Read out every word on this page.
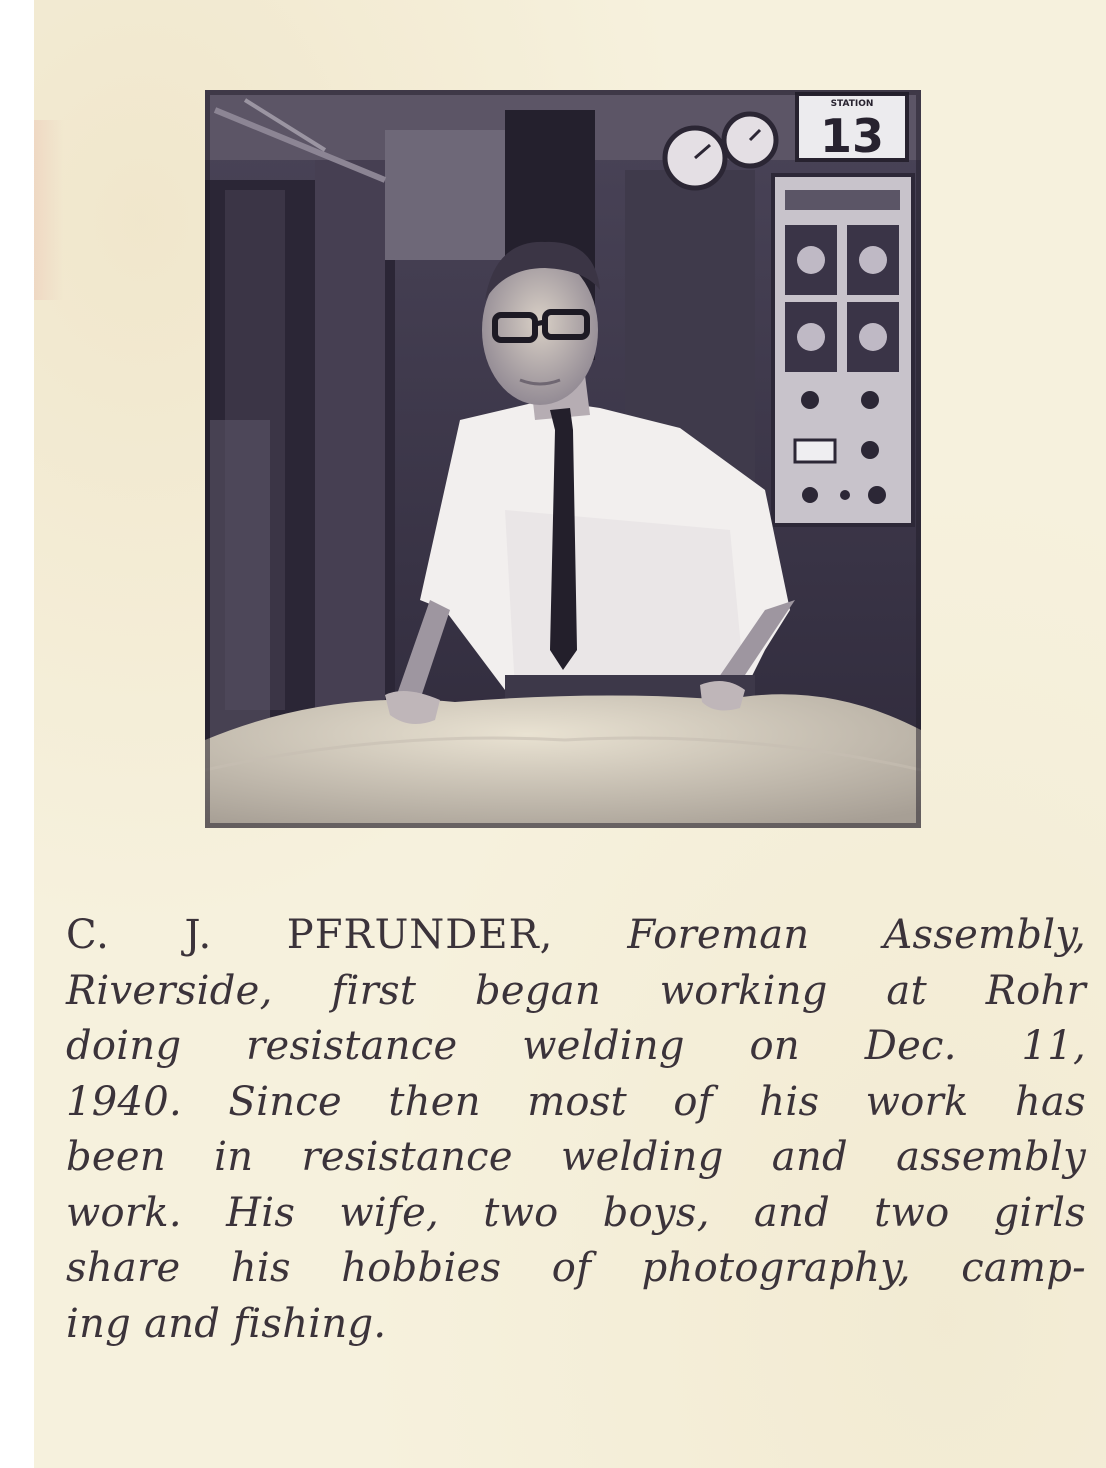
STATION
13
C. J. PFRUNDER, Foreman Assembly,
Riverside, first began working at Rohr
doing resistance welding on Dec. 11,
1940. Since then most of his work has
been in resistance welding and assembly
work. His wife, two boys, and two girls
share his hobbies of photography, camp-
ing and fishing.
